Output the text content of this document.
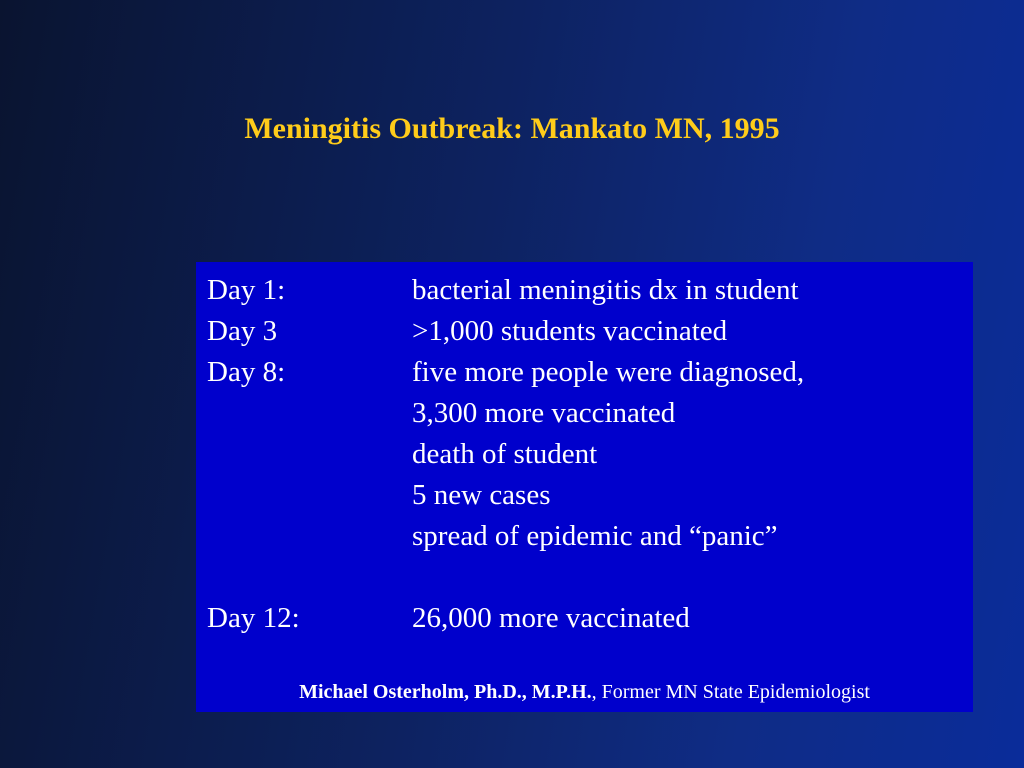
Meningitis Outbreak: Mankato MN, 1995
Day 1:	bacterial meningitis dx in student
Day 3	>1,000 students vaccinated
Day 8:	five more people were diagnosed,
3,300 more vaccinated
death of student
5 new cases
spread of epidemic and “panic”
Day 12:	26,000 more vaccinated
Michael Osterholm, Ph.D., M.P.H., Former MN State Epidemiologist
